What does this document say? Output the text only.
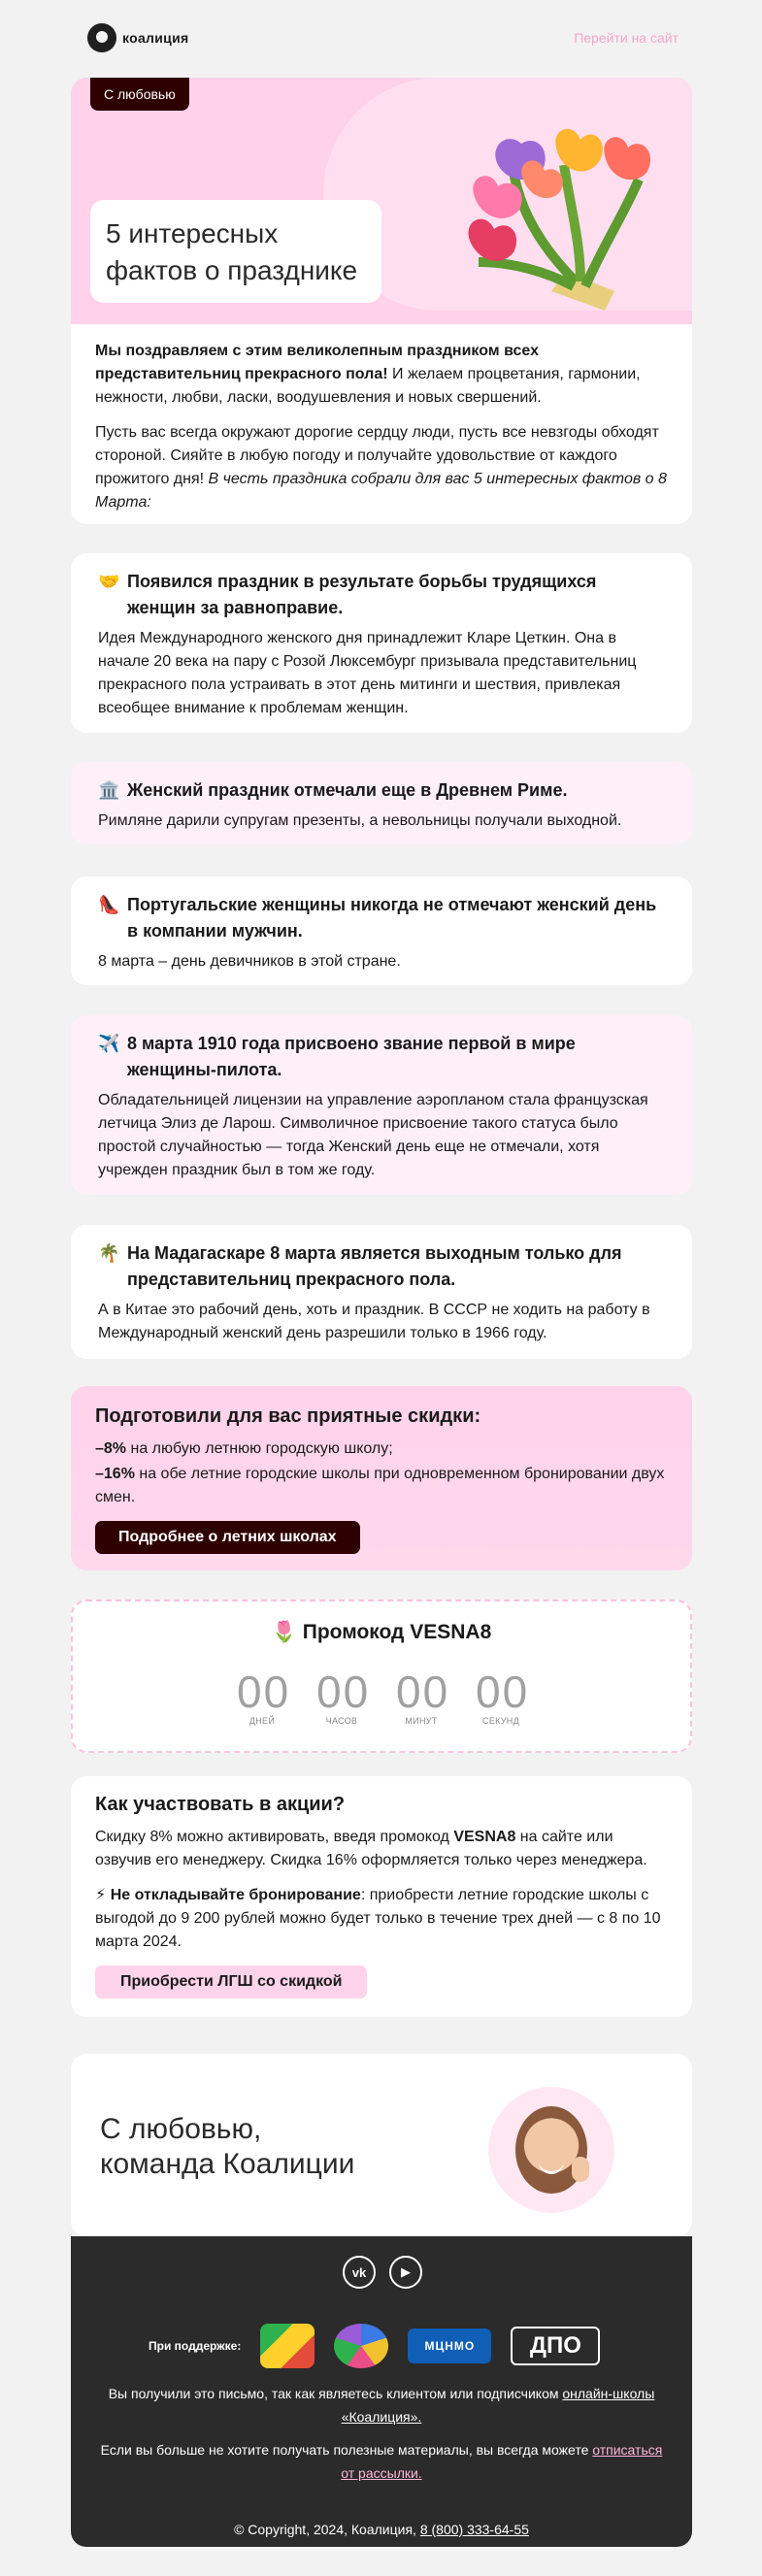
коалиция	Перейти на сайт
С любовью
5 интересных фактов о празднике

Мы поздравляем с этим великолепным праздником всех представительниц прекрасного пола! И желаем процветания, гармонии, нежности, любви, ласки, воодушевления и новых свершений.

Пусть вас всегда окружают дорогие сердцу люди, пусть все невзгоды обходят стороной. Сияйте в любую погоду и получайте удовольствие от каждого прожитого дня! В честь праздника собрали для вас 5 интересных фактов о 8 Марта:

🤝 Появился праздник в результате борьбы трудящихся женщин за равноправие.

Идея Международного женского дня принадлежит Кларе Цеткин. Она в начале 20 века на пару с Розой Люксембург призывала представительниц прекрасного пола устраивать в этот день митинги и шествия, привлекая всеобщее внимание к проблемам женщин.

🏛️ Женский праздник отмечали еще в Древнем Риме.

Римляне дарили супругам презенты, а невольницы получали выходной.

👠 Португальские женщины никогда не отмечают женский день в компании мужчин.

8 марта – день девичников в этой стране.

✈️ 8 марта 1910 года присвоено звание первой в мире женщины-пилота.

Обладательницей лицензии на управление аэропланом стала французская летчица Элиз де Ларош. Символичное присвоение такого статуса было простой случайностью — тогда Женский день еще не отмечали, хотя учрежден праздник был в том же году.

🌴 На Мадагаскаре 8 марта является выходным только для представительниц прекрасного пола.

А в Китае это рабочий день, хоть и праздник. В СССР не ходить на работу в Международный женский день разрешили только в 1966 году.

Подготовили для вас приятные скидки:

–8% на любую летнюю городскую школу;

–16% на обе летние городские школы при одновременном бронировании двух смен.

Подробнее о летних школах
🌷 Промокод VESNA8
00
ДНЕЙ
00
ЧАСОВ
00
МИНУТ
00
СЕКУНД
Как участвовать в акции?

Скидку 8% можно активировать, введя промокод VESNA8 на сайте или озвучив его менеджеру. Скидка 16% оформляется только через менеджера.

⚡ Не откладывайте бронирование: приобрести летние городские школы с выгодой до 9 200 рублей можно будет только в течение трех дней — с 8 по 10 марта 2024.

Приобрести ЛГШ со скидкой
С любовью,
команда Коалиции
vk	▶
При поддержке:	МЦНМО	ДПО

Вы получили это письмо, так как являетесь клиентом или подписчиком онлайн-школы «Коалиция».

Если вы больше не хотите получать полезные материалы, вы всегда можете отписаться от рассылки.

© Copyright, 2024, Коалиция, 8 (800) 333-64-55
